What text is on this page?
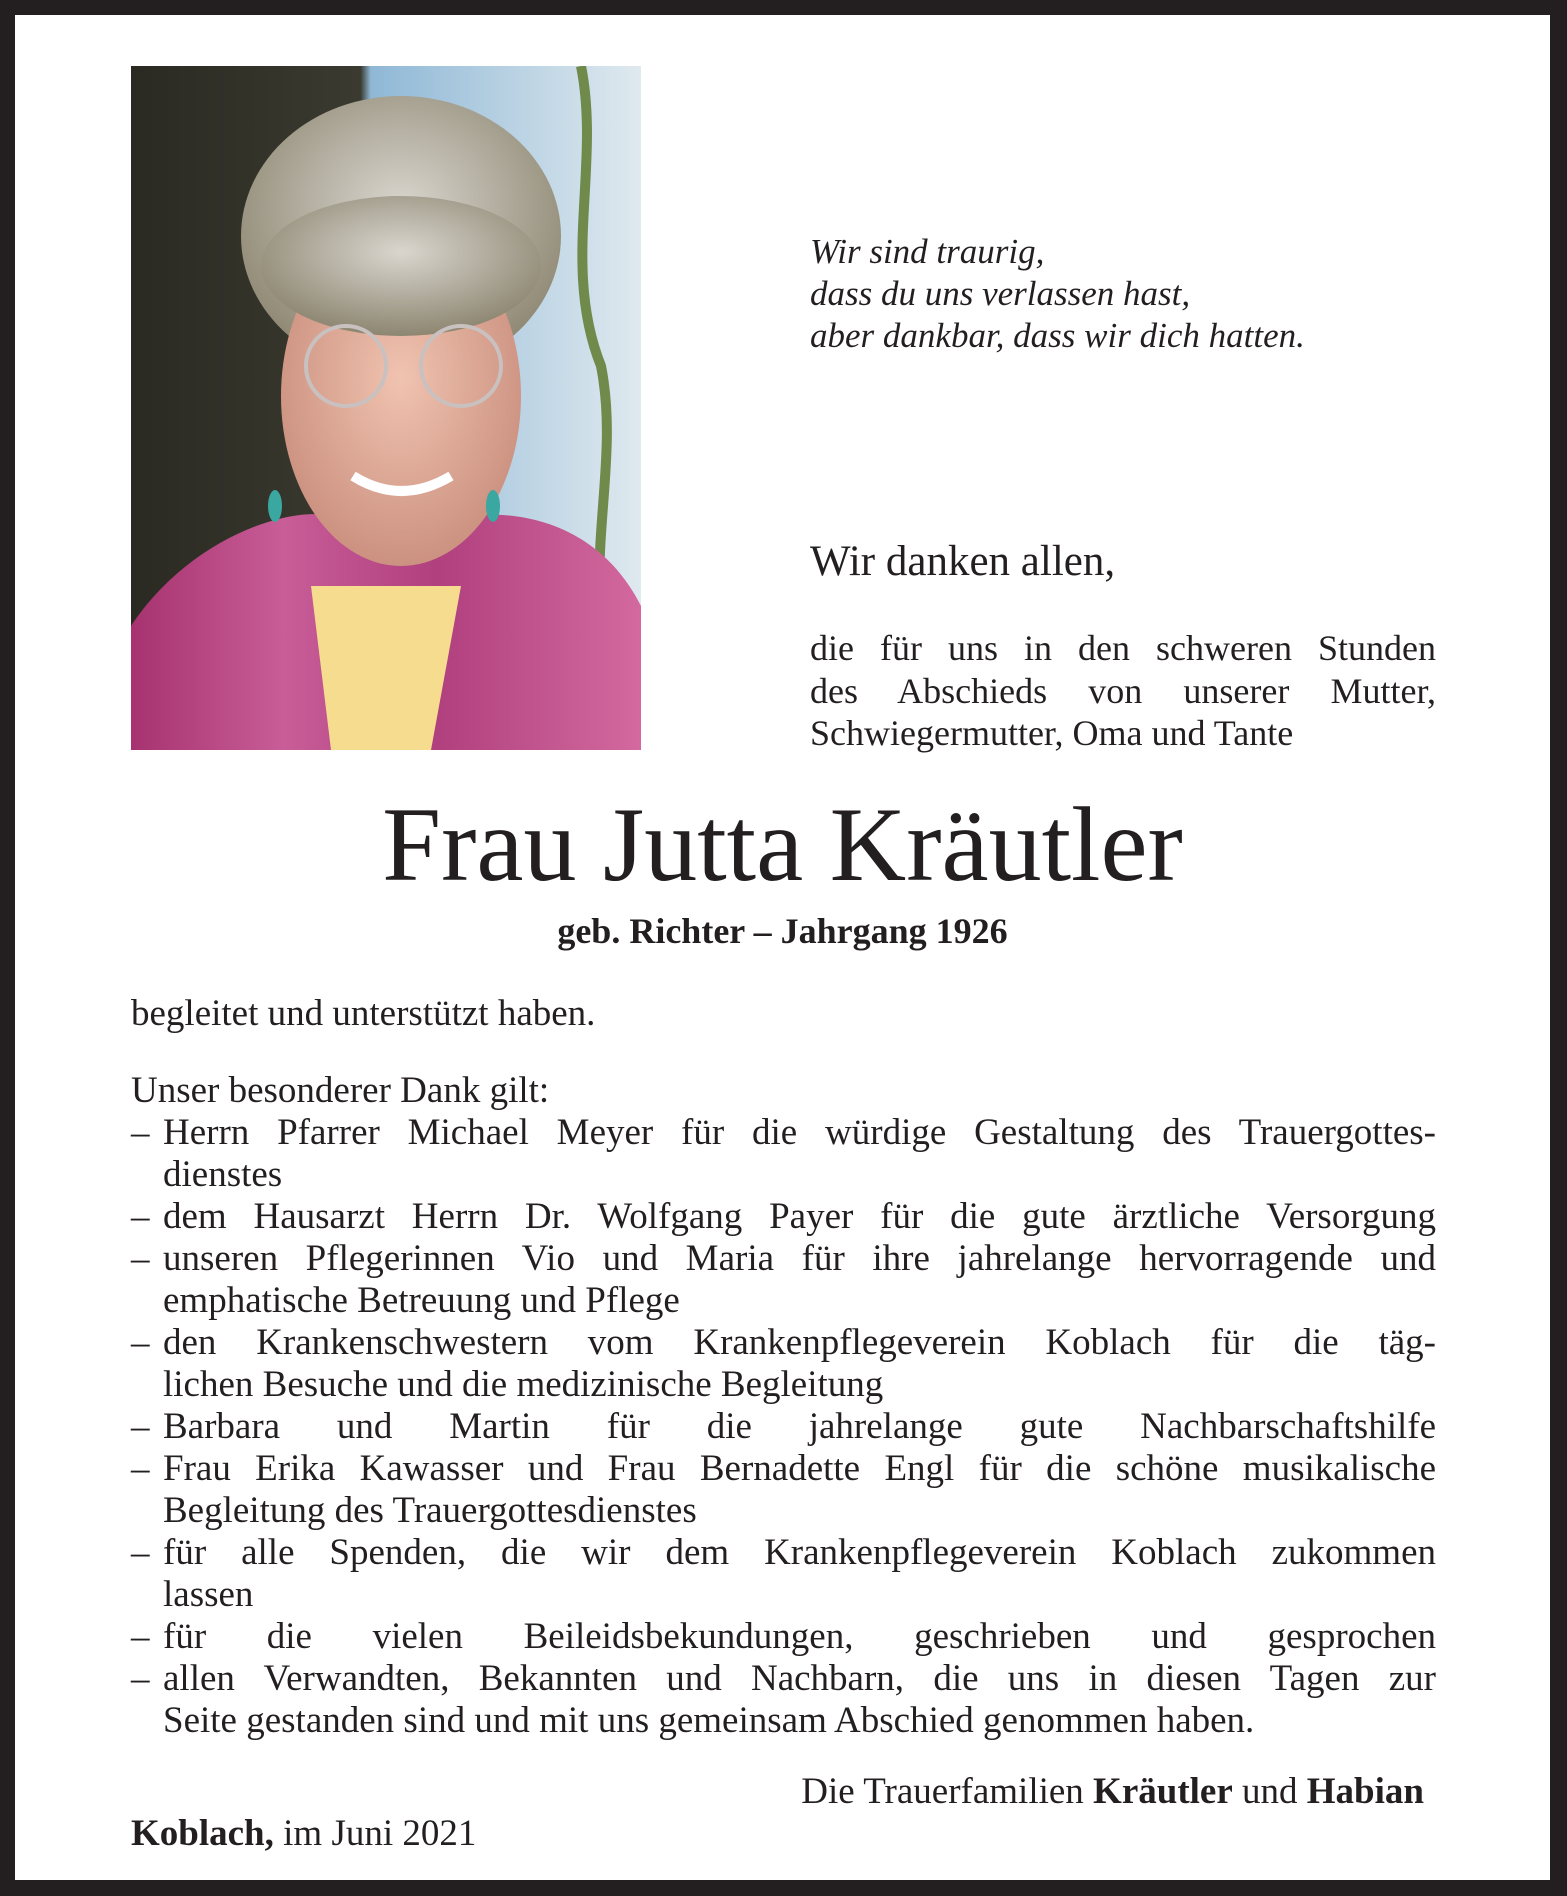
Wir sind traurig,
dass du uns verlassen hast,
aber dankbar, dass wir dich hatten.
Wir danken allen,
die für uns in den schweren Stunden
des Abschieds von unserer Mutter,
Schwiegermutter, Oma und Tante
Frau Jutta Kräutler
geb. Richter – Jahrgang 1926
begleitet und unterstützt haben.
Unser besonderer Dank gilt:
– Herrn Pfarrer Michael Meyer für die würdige Gestaltung des Trauergottes-
dienstes
– dem Hausarzt Herrn Dr. Wolfgang Payer für die gute ärztliche Versorgung
– unseren Pflegerinnen Vio und Maria für ihre jahrelange hervorragende und
emphatische Betreuung und Pflege
– den Krankenschwestern vom Krankenpflegeverein Koblach für die täg-
lichen Besuche und die medizinische Begleitung
– Barbara und Martin für die jahrelange gute Nachbarschaftshilfe
– Frau Erika Kawasser und Frau Bernadette Engl für die schöne musikalische
Begleitung des Trauergottesdienstes
– für alle Spenden, die wir dem Krankenpflegeverein Koblach zukommen
lassen
– für die vielen Beileidsbekundungen, geschrieben und gesprochen
– allen Verwandten, Bekannten und Nachbarn, die uns in diesen Tagen zur
Seite gestanden sind und mit uns gemeinsam Abschied genommen haben.
Die Trauerfamilien Kräutler und Habian
Koblach, im Juni 2021
